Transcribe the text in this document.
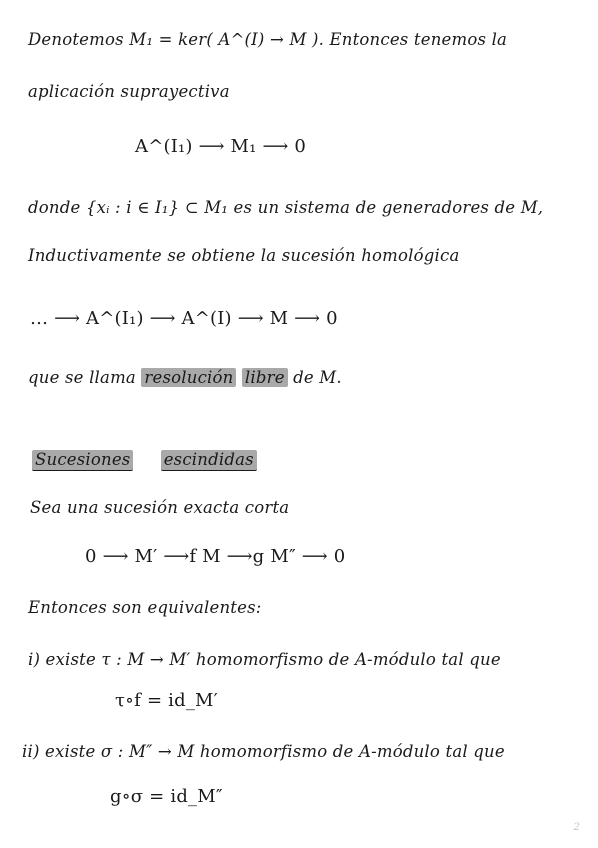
Denotemos M₁ = ker( A^(I) → M ). Entonces tenemos la
aplicación suprayectiva
A^(I₁) ⟶ M₁ ⟶ 0
donde {xᵢ : i ∈ I₁} ⊂ M₁ es un sistema de generadores de M,
Inductivamente se obtiene la sucesión homológica
… ⟶ A^(I₁) ⟶ A^(I) ⟶ M ⟶ 0
que se llama resolución libre de M.
Sucesiones escindidas
Sea una sucesión exacta corta
0 ⟶ M′ ⟶f M ⟶g M″ ⟶ 0
Entonces son equivalentes:
i) existe τ : M → M′ homomorfismo de A-módulo tal que
τ∘f = id_M′
ii) existe σ : M″ → M homomorfismo de A-módulo tal que
g∘σ = id_M″
2
